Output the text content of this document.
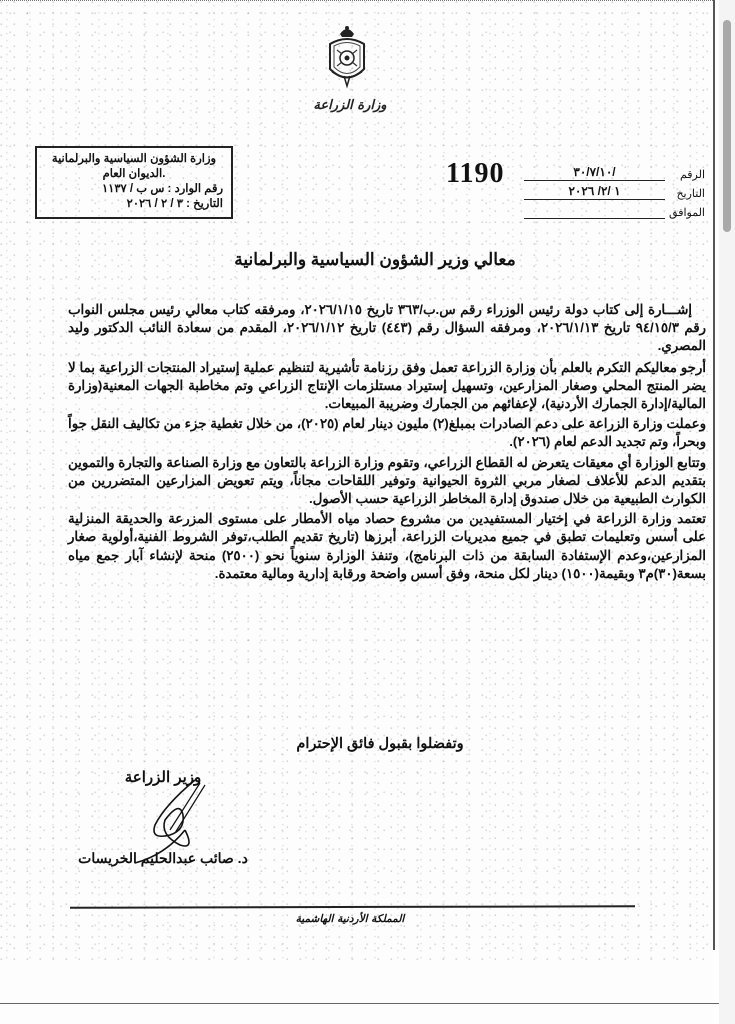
وزارة الزراعة
وزارة الشؤون السياسية والبرلمانية
.الديوان العام
رقم الوارد : س ب / ١١٣٧
التاريخ : ٣ / ٢ / ٢٠٢٦
1190	الرقم
/٣٠/٧/١٠
التاريخ
١ /٢/ ٢٠٢٦
الموافق
معالي وزير الشؤون السياسية والبرلمانية

إشـــارة إلى كتاب دولة رئيس الوزراء رقم س.ب/٣٦٣ تاريخ ٢٠٢٦/١/١٥، ومرفقه كتاب معالي رئيس مجلس النواب رقم ٩٤/١٥/٣ تاريخ ٢٠٢٦/١/١٣، ومرفقه السؤال رقم (٤٤٣) تاريخ ٢٠٢٦/١/١٢، المقدم من سعادة النائب الدكتور وليد المصري.

أرجو معاليكم التكرم بالعلم بأن وزارة الزراعة تعمل وفق رزنامة تأشيرية لتنظيم عملية إستيراد المنتجات الزراعية بما لا يضر المنتج المحلي وصغار المزارعين، وتسهيل إستيراد مستلزمات الإنتاج الزراعي وتم مخاطبة الجهات المعنية(وزارة المالية/إدارة الجمارك الأردنية)، لإعفائهم من الجمارك وضريبة المبيعات.

وعملت وزارة الزراعة على دعم الصادرات بمبلغ(٢) مليون دينار لعام (٢٠٢٥)، من خلال تغطية جزء من تكاليف النقل جواً وبحراً، وتم تجديد الدعم لعام (٢٠٢٦).

وتتابع الوزارة أي معيقات يتعرض له القطاع الزراعي، وتقوم وزارة الزراعة بالتعاون مع وزارة الصناعة والتجارة والتموين بتقديم الدعم للأعلاف لصغار مربي الثروة الحيوانية وتوفير اللقاحات مجاناً، ويتم تعويض المزارعين المتضررين من الكوارث الطبيعية من خلال صندوق إدارة المخاطر الزراعية حسب الأصول.

تعتمد وزارة الزراعة في إختيار المستفيدين من مشروع حصاد مياه الأمطار على مستوى المزرعة والحديقة المنزلية على أسس وتعليمات تطبق في جميع مديريات الزراعة، أبرزها (تاريخ تقديم الطلب،توفر الشروط الفنية،أولوية صغار المزارعين،وعدم الإستفادة السابقة من ذات البرنامج)، وتنفذ الوزارة سنوياً نحو (٢٥٠٠) منحة لإنشاء آبار جمع مياه بسعة(٣٠)م٣ وبقيمة(١٥٠٠) دينار لكل منحة، وفق أسس واضحة ورقابة إدارية ومالية معتمدة.

وتفضلوا بقبول فائق الإحترام
وزير الزراعة
د. صائب عبدالحليم الخريسات
المملكة الأردنية الهاشمية
